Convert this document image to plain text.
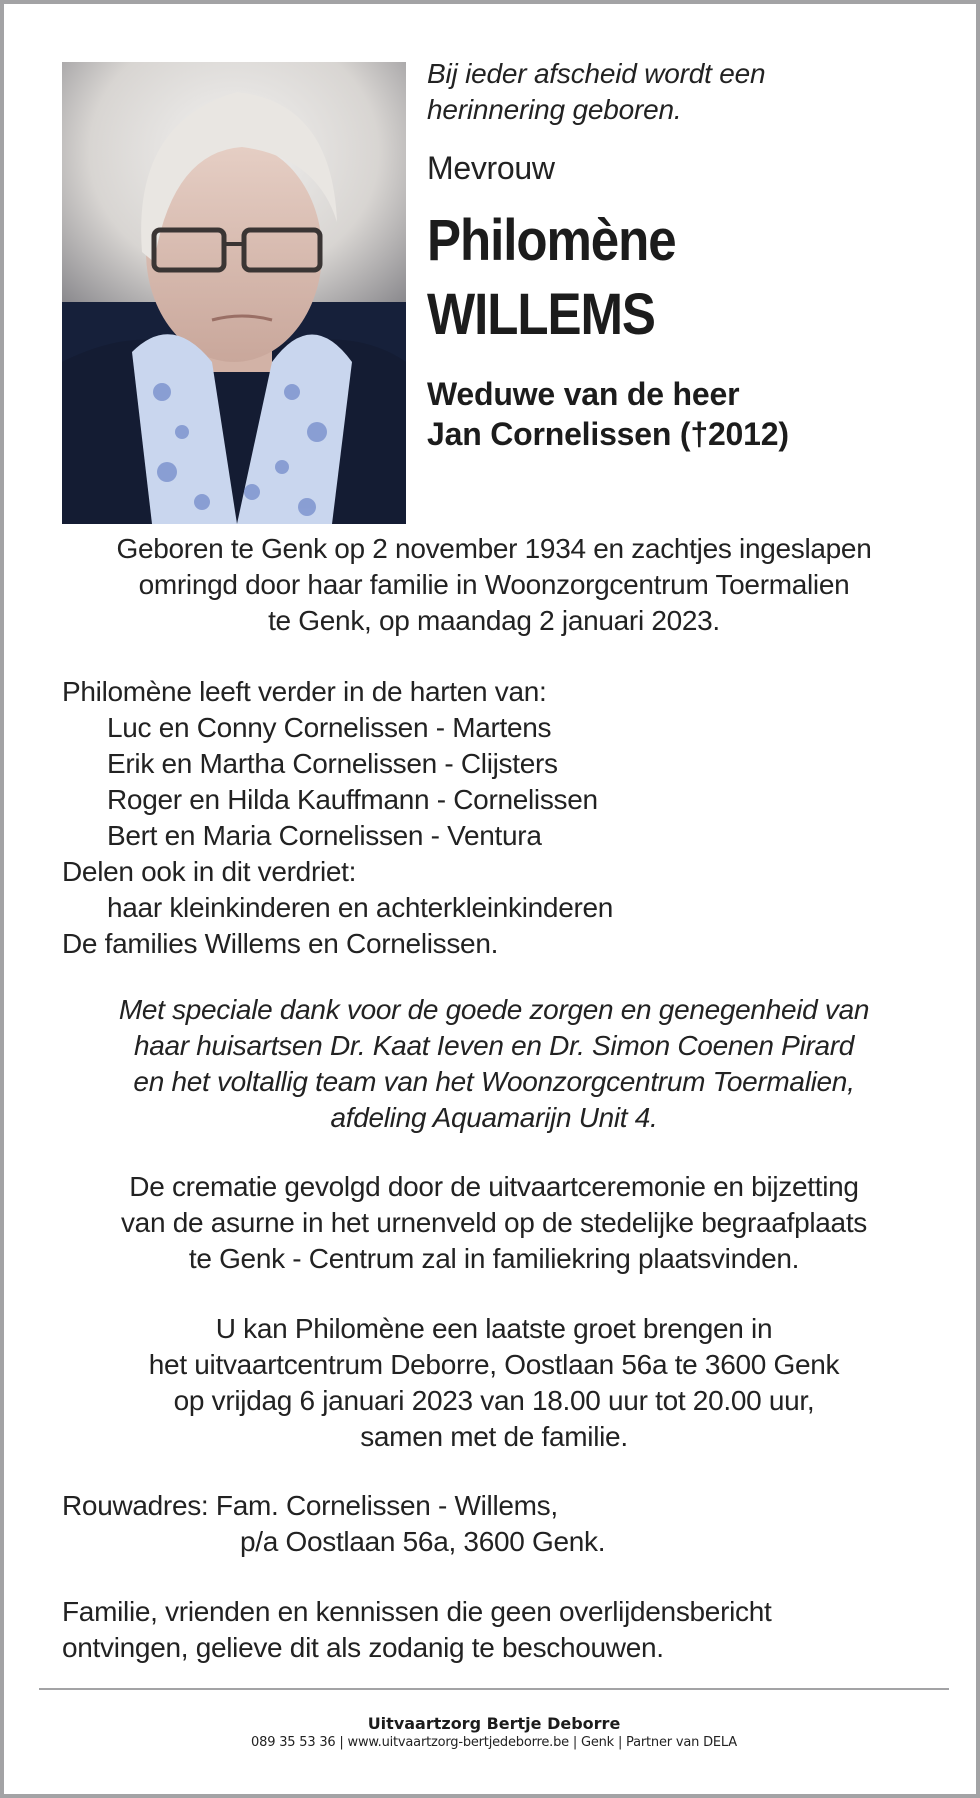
Bij ieder afscheid wordt een
herinnering geboren.
Mevrouw
Philomène
WILLEMS
Weduwe van de heer
Jan Cornelissen (†2012)
Geboren te Genk op 2 november 1934 en zachtjes ingeslapen
omringd door haar familie in Woonzorgcentrum Toermalien
te Genk, op maandag 2 januari 2023.
Philomène leeft verder in de harten van:
Luc en Conny Cornelissen - Martens
Erik en Martha Cornelissen - Clijsters
Roger en Hilda Kauffmann - Cornelissen
Bert en Maria Cornelissen - Ventura
Delen ook in dit verdriet:
haar kleinkinderen en achterkleinkinderen
De families Willems en Cornelissen.
Met speciale dank voor de goede zorgen en genegenheid van
haar huisartsen Dr. Kaat Ieven en Dr. Simon Coenen Pirard
en het voltallig team van het Woonzorgcentrum Toermalien,
afdeling Aquamarijn Unit 4.
De crematie gevolgd door de uitvaartceremonie en bijzetting
van de asurne in het urnenveld op de stedelijke begraafplaats
te Genk - Centrum zal in familiekring plaatsvinden.
U kan Philomène een laatste groet brengen in
het uitvaartcentrum Deborre, Oostlaan 56a te 3600 Genk
op vrijdag 6 januari 2023 van 18.00 uur tot 20.00 uur,
samen met de familie.
Rouwadres: Fam. Cornelissen - Willems,
p/a Oostlaan 56a, 3600 Genk.
Familie, vrienden en kennissen die geen overlijdensbericht
ontvingen, gelieve dit als zodanig te beschouwen.
Uitvaartzorg Bertje Deborre
089 35 53 36 | www.uitvaartzorg-bertjedeborre.be | Genk | Partner van DELA
